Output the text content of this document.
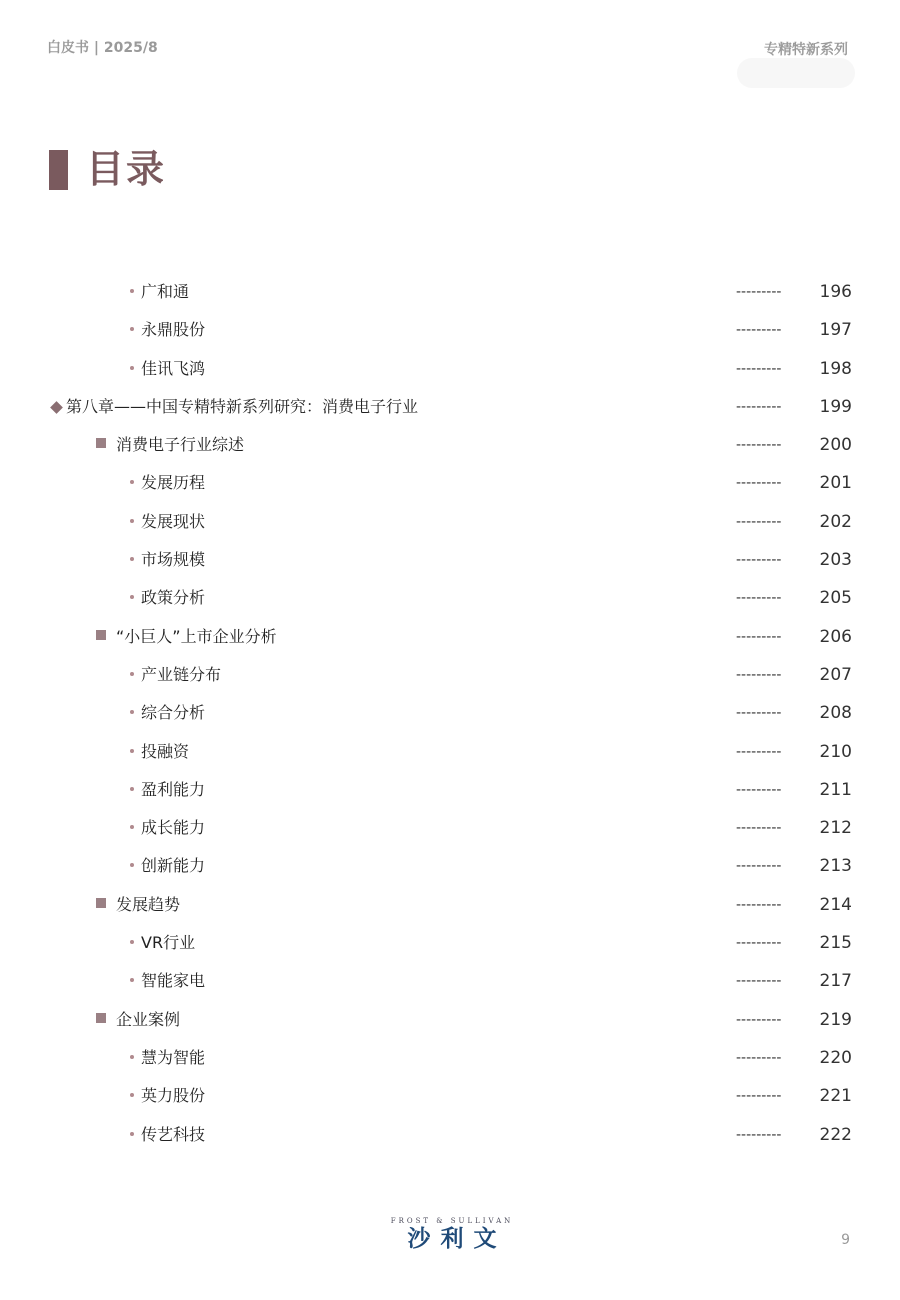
白皮书 | 2025/8	专精特新系列
目录
广和通	--------- 196
永鼎股份	--------- 197
佳讯飞鸿	--------- 198
第八章——中国专精特新系列研究：消费电子行业	--------- 199
消费电子行业综述	--------- 200
发展历程	--------- 201
发展现状	--------- 202
市场规模	--------- 203
政策分析	--------- 205
“小巨人”上市企业分析	--------- 206
产业链分布	--------- 207
综合分析	--------- 208
投融资	--------- 210
盈利能力	--------- 211
成长能力	--------- 212
创新能力	--------- 213
发展趋势	--------- 214
VR行业	--------- 215
智能家电	--------- 217
企业案例	--------- 219
慧为智能	--------- 220
英力股份	--------- 221
传艺科技	--------- 222
FROST & SULLIVAN
沙利文	9
